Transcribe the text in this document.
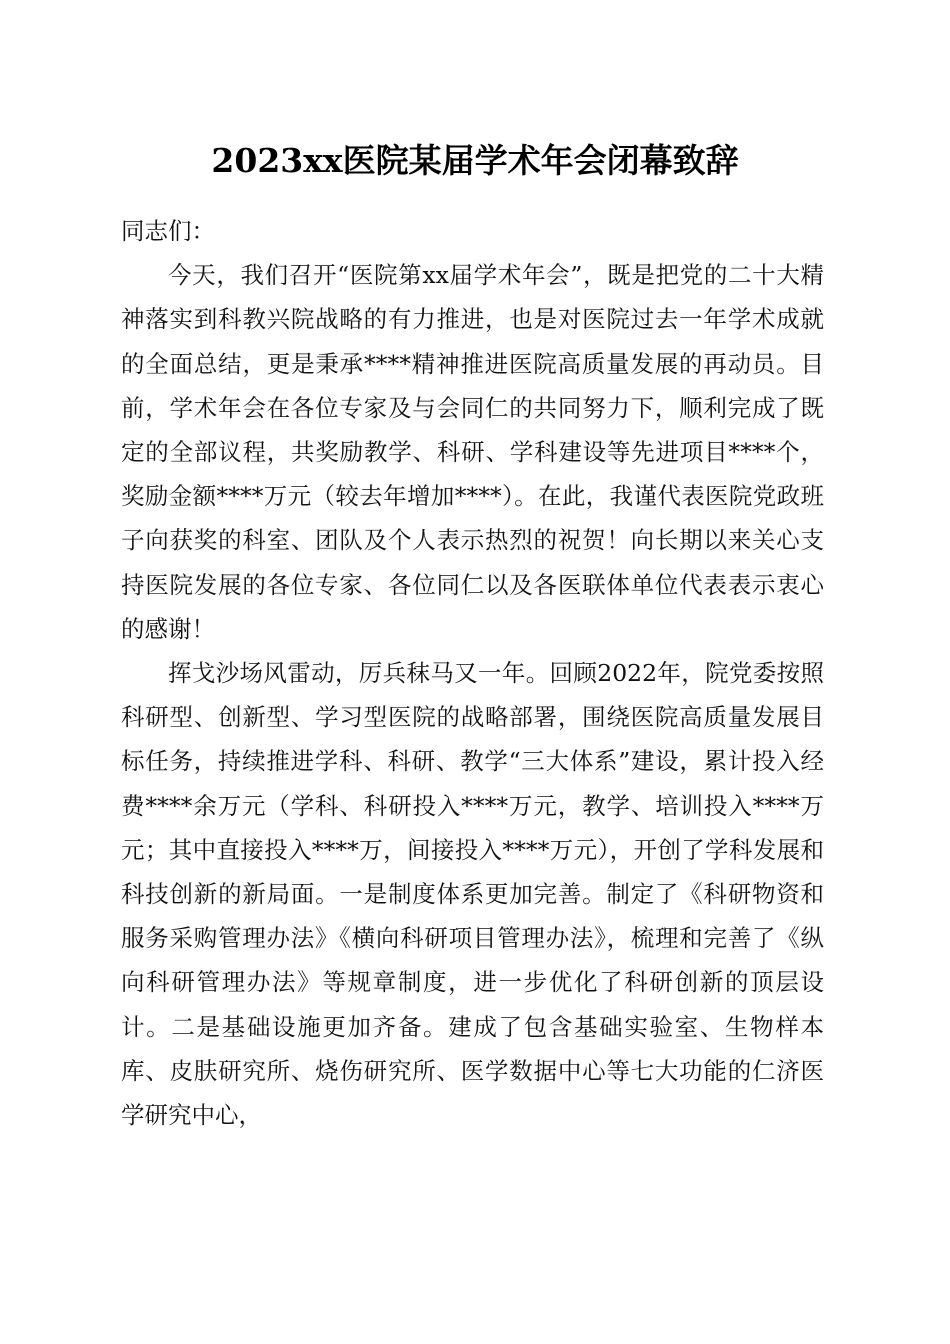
2023xx医院某届学术年会闭幕致辞

同志们：

今天，我们召开“医院第xx届学术年会”，既是把党的二十大精神落实到科教兴院战略的有力推进，也是对医院过去一年学术成就的全面总结，更是秉承****精神推进医院高质量发展的再动员。目前，学术年会在各位专家及与会同仁的共同努力下，顺利完成了既定的全部议程，共奖励教学、科研、学科建设等先进项目****个，奖励金额****万元（较去年增加****）。在此，我谨代表医院党政班子向获奖的科室、团队及个人表示热烈的祝贺！向长期以来关心支持医院发展的各位专家、各位同仁以及各医联体单位代表表示衷心的感谢！

挥戈沙场风雷动，厉兵秣马又一年。回顾2022年，院党委按照科研型、创新型、学习型医院的战略部署，围绕医院高质量发展目标任务，持续推进学科、科研、教学“三大体系”建设，累计投入经费****余万元（学科、科研投入****万元，教学、培训投入****万元；其中直接投入****万，间接投入****万元），开创了学科发展和科技创新的新局面。一是制度体系更加完善。制定了《科研物资和服务采购管理办法》《横向科研项目管理办法》，梳理和完善了《纵向科研管理办法》等规章制度，进一步优化了科研创新的顶层设计。二是基础设施更加齐备。建成了包含基础实验室、生物样本库、皮肤研究所、烧伤研究所、医学数据中心等七大功能的仁济医学研究中心，
